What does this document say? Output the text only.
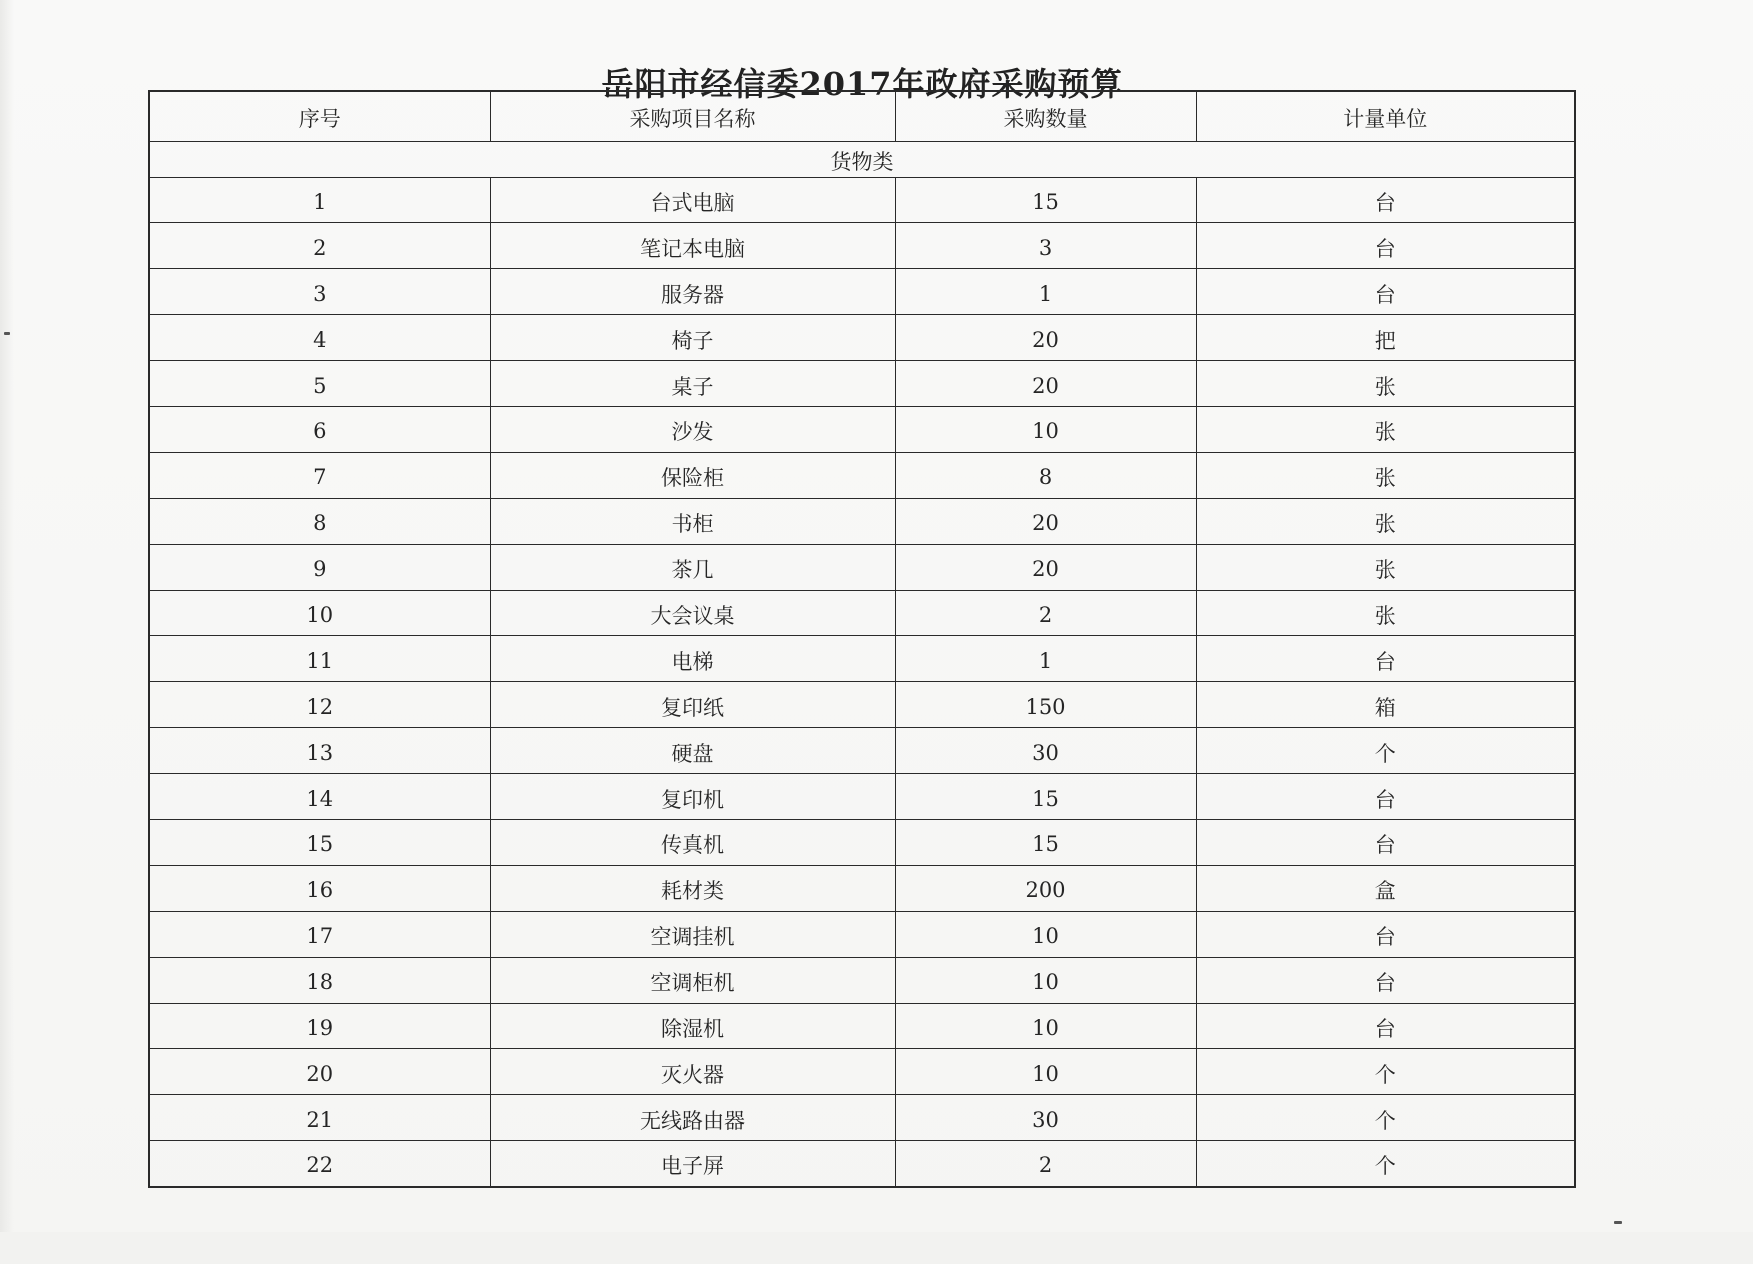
岳阳市经信委2017年政府采购预算
序号	采购项目名称	采购数量	计量单位
货物类			
1	台式电脑	15	台
2	笔记本电脑	3	台
3	服务器	1	台
4	椅子	20	把
5	桌子	20	张
6	沙发	10	张
7	保险柜	8	张
8	书柜	20	张
9	茶几	20	张
10	大会议桌	2	张
11	电梯	1	台
12	复印纸	150	箱
13	硬盘	30	个
14	复印机	15	台
15	传真机	15	台
16	耗材类	200	盒
17	空调挂机	10	台
18	空调柜机	10	台
19	除湿机	10	台
20	灭火器	10	个
21	无线路由器	30	个
22	电子屏	2	个
